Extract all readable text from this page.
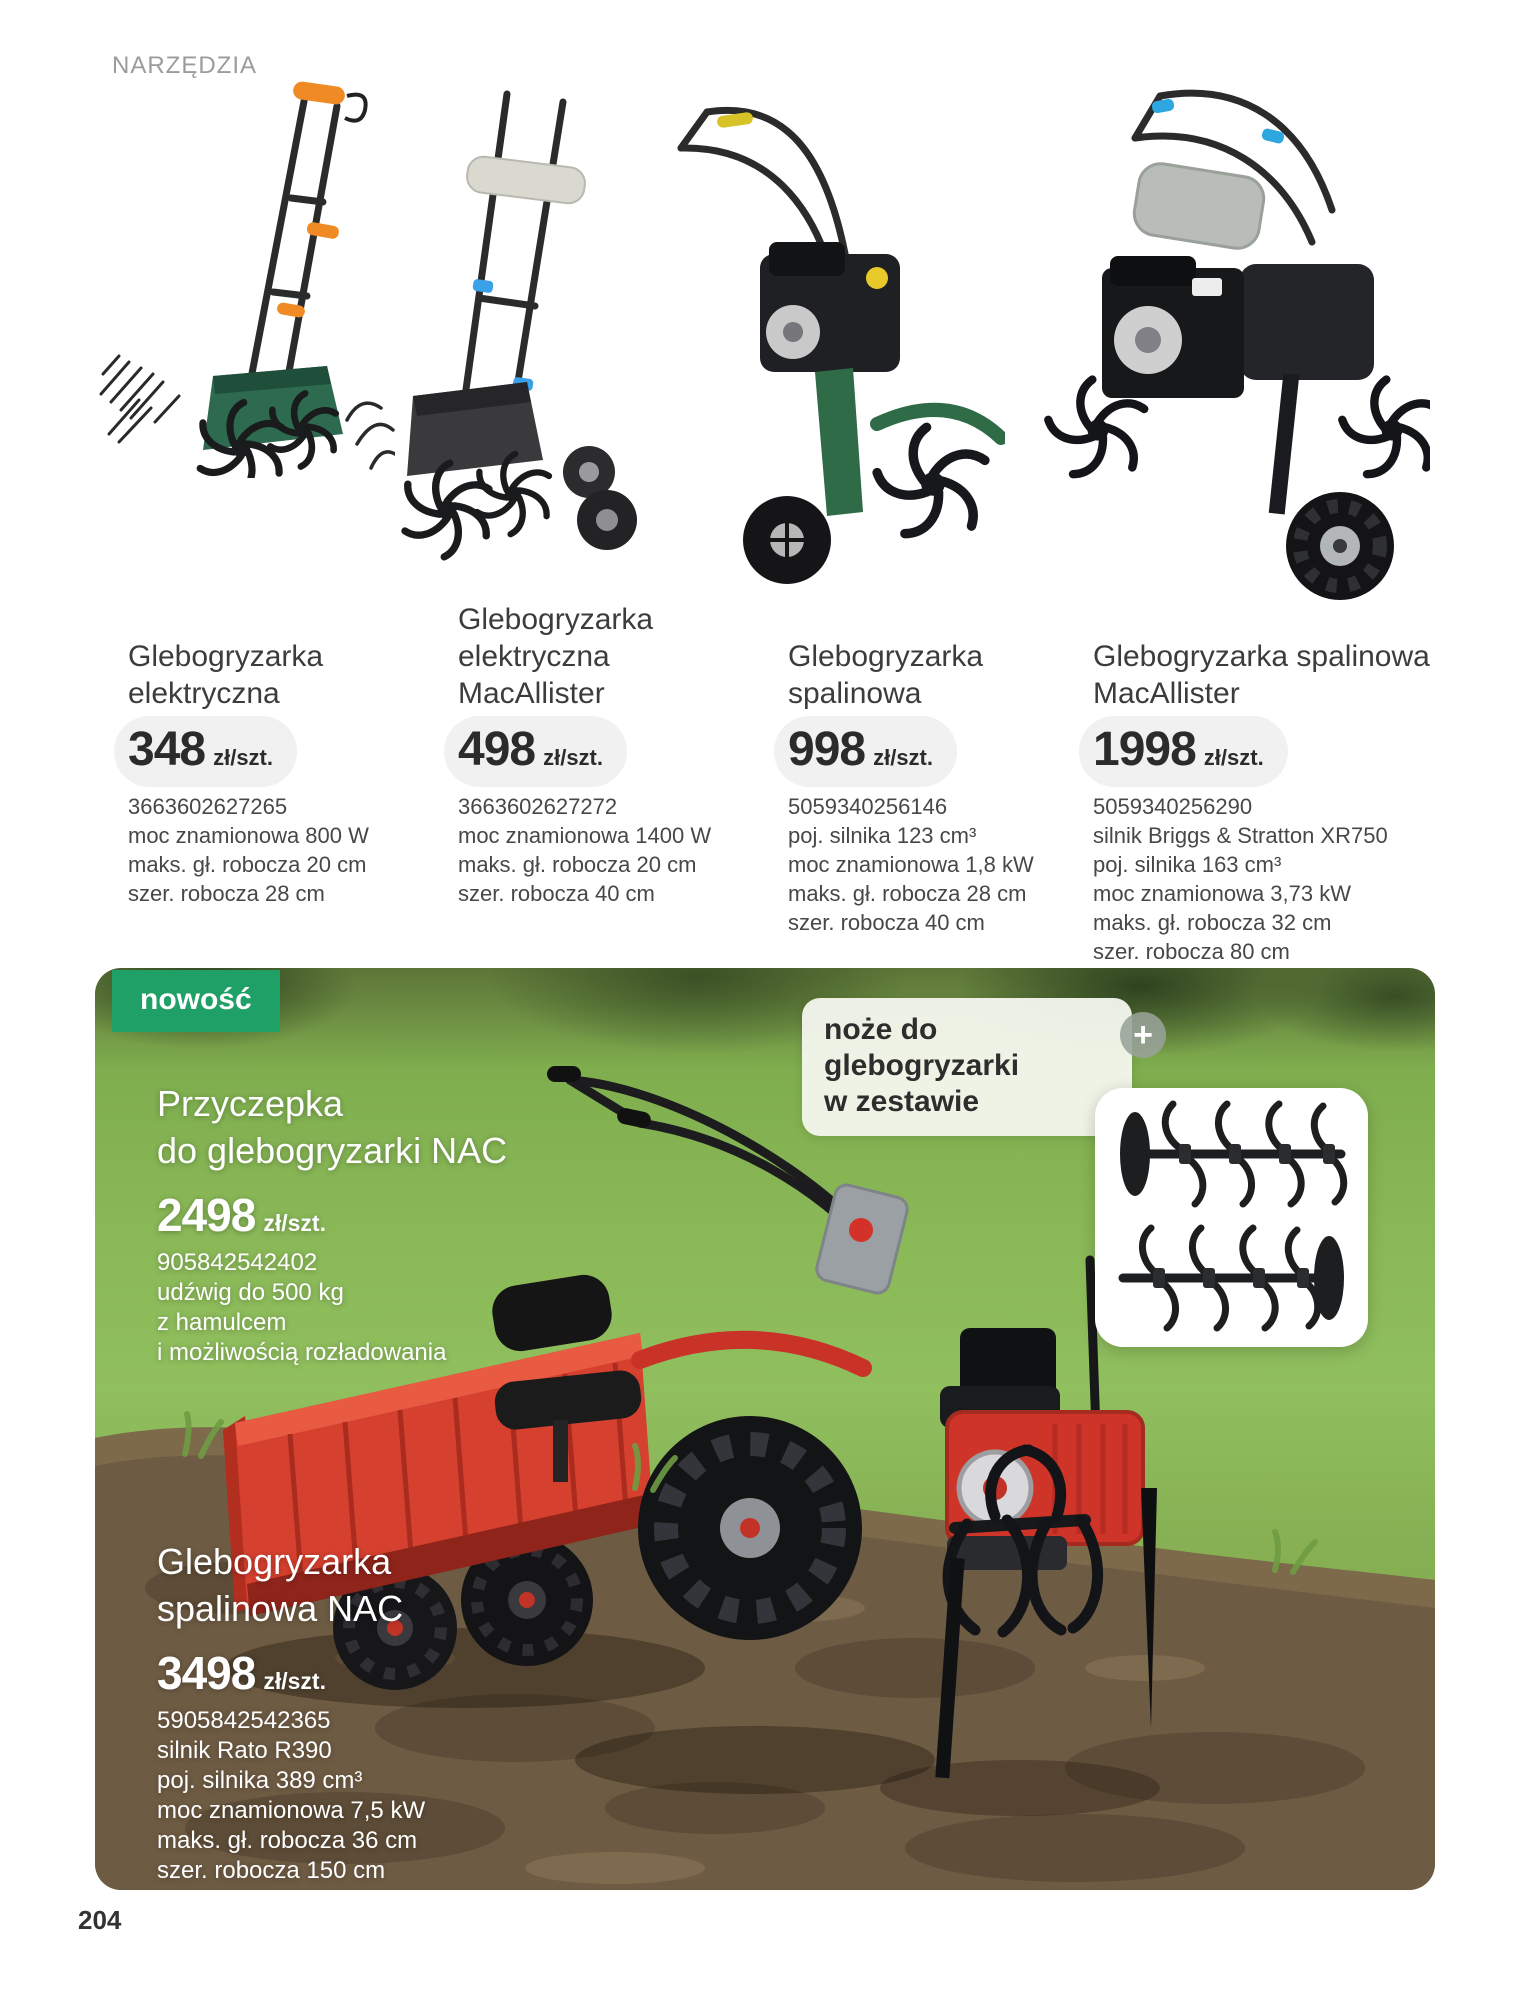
NARZĘDZIA
Glebogryzarka elektryczna
348 zł/szt.
3663602627265
moc znamionowa 800 W
maks. gł. robocza 20 cm
szer. robocza 28 cm
Glebogryzarka elektryczna MacAllister
498 zł/szt.
3663602627272
moc znamionowa 1400 W
maks. gł. robocza 20 cm
szer. robocza 40 cm
Glebogryzarka spalinowa
998 zł/szt.
5059340256146
poj. silnika 123 cm³
moc znamionowa 1,8 kW
maks. gł. robocza 28 cm
szer. robocza 40 cm
Glebogryzarka spalinowa MacAllister
1998 zł/szt.
5059340256290
silnik Briggs & Stratton XR750
poj. silnika 163 cm³
moc znamionowa 3,73 kW
maks. gł. robocza 32 cm
szer. robocza 80 cm
nowość
noże do glebogryzarki
w zestawie
+
Przyczepka
do glebogryzarki NAC
2498 zł/szt.
905842542402
udźwig do 500 kg
z hamulcem
i możliwością rozładowania
Glebogryzarka
spalinowa NAC
3498 zł/szt.
5905842542365
silnik Rato R390
poj. silnika 389 cm³
moc znamionowa 7,5 kW
maks. gł. robocza 36 cm
szer. robocza 150 cm
204
